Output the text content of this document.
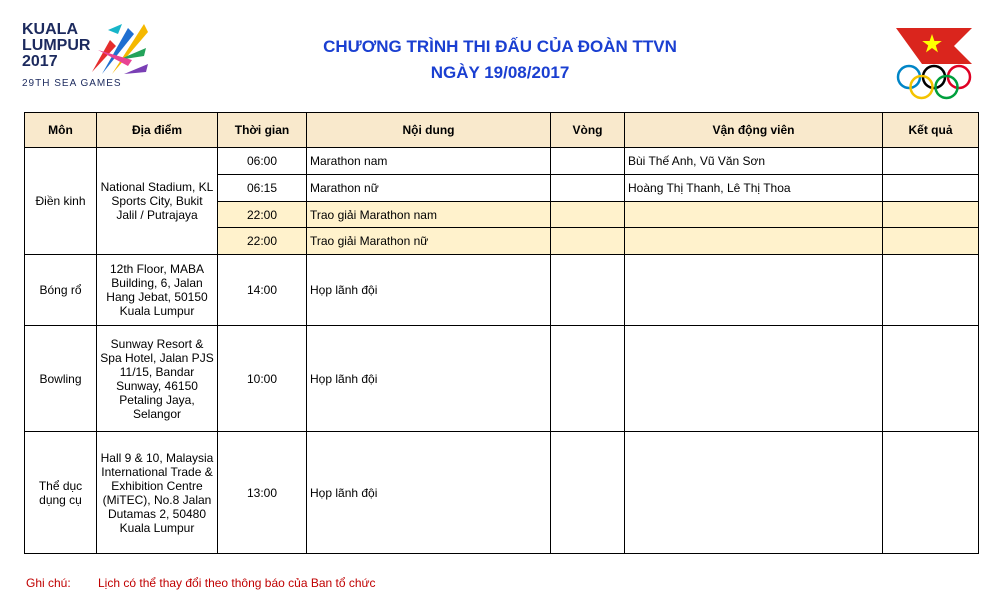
KUALA
LUMPUR
2017
29TH SEA GAMES
CHƯƠNG TRÌNH THI ĐẤU CỦA ĐOÀN TTVN
NGÀY 19/08/2017
Môn	Địa điểm	Thời gian	Nội dung	Vòng	Vận động viên	Kết quả
Điền kinh	National Stadium, KL Sports City, Bukit Jalil / Putrajaya	06:00	Marathon nam		Bùi Thế Anh, Vũ Văn Sơn	
		06:15	Marathon nữ		Hoàng Thị Thanh, Lê Thị Thoa	
		22:00	Trao giải Marathon nam			
		22:00	Trao giải Marathon nữ			
Bóng rổ	12th Floor, MABA Building, 6, Jalan Hang Jebat, 50150 Kuala Lumpur	14:00	Họp lãnh đội			
Bowling	Sunway Resort & Spa Hotel, Jalan PJS 11/15, Bandar Sunway, 46150 Petaling Jaya, Selangor	10:00	Họp lãnh đội			
Thể dục dụng cụ	Hall 9 & 10, Malaysia International Trade & Exhibition Centre (MiTEC), No.8 Jalan Dutamas 2, 50480 Kuala Lumpur	13:00	Họp lãnh đội			
Ghi chú: Lịch có thể thay đổi theo thông báo của Ban tổ chức
